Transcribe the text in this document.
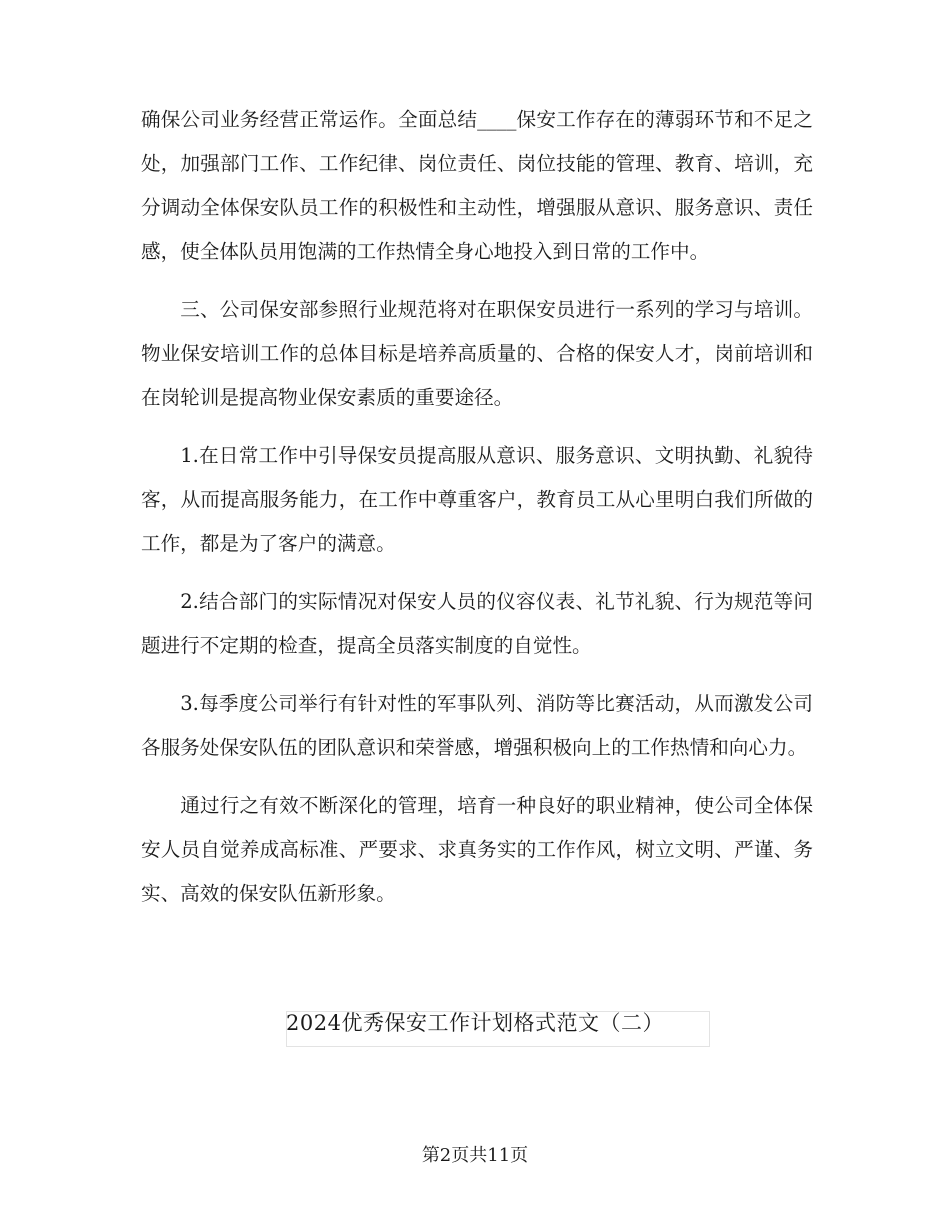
确保公司业务经营正常运作。全面总结____保安工作存在的薄弱环节和不足之处，加强部门工作、工作纪律、岗位责任、岗位技能的管理、教育、培训，充分调动全体保安队员工作的积极性和主动性，增强服从意识、服务意识、责任感，使全体队员用饱满的工作热情全身心地投入到日常的工作中。

三、公司保安部参照行业规范将对在职保安员进行一系列的学习与培训。物业保安培训工作的总体目标是培养高质量的、合格的保安人才，岗前培训和在岗轮训是提高物业保安素质的重要途径。

1.在日常工作中引导保安员提高服从意识、服务意识、文明执勤、礼貌待客，从而提高服务能力，在工作中尊重客户，教育员工从心里明白我们所做的工作，都是为了客户的满意。

2.结合部门的实际情况对保安人员的仪容仪表、礼节礼貌、行为规范等问题进行不定期的检查，提高全员落实制度的自觉性。

3.每季度公司举行有针对性的军事队列、消防等比赛活动，从而激发公司各服务处保安队伍的团队意识和荣誉感，增强积极向上的工作热情和向心力。

通过行之有效不断深化的管理，培育一种良好的职业精神，使公司全体保安人员自觉养成高标准、严要求、求真务实的工作作风，树立文明、严谨、务实、高效的保安队伍新形象。

2024优秀保安工作计划格式范文（二）
第2页共11页
